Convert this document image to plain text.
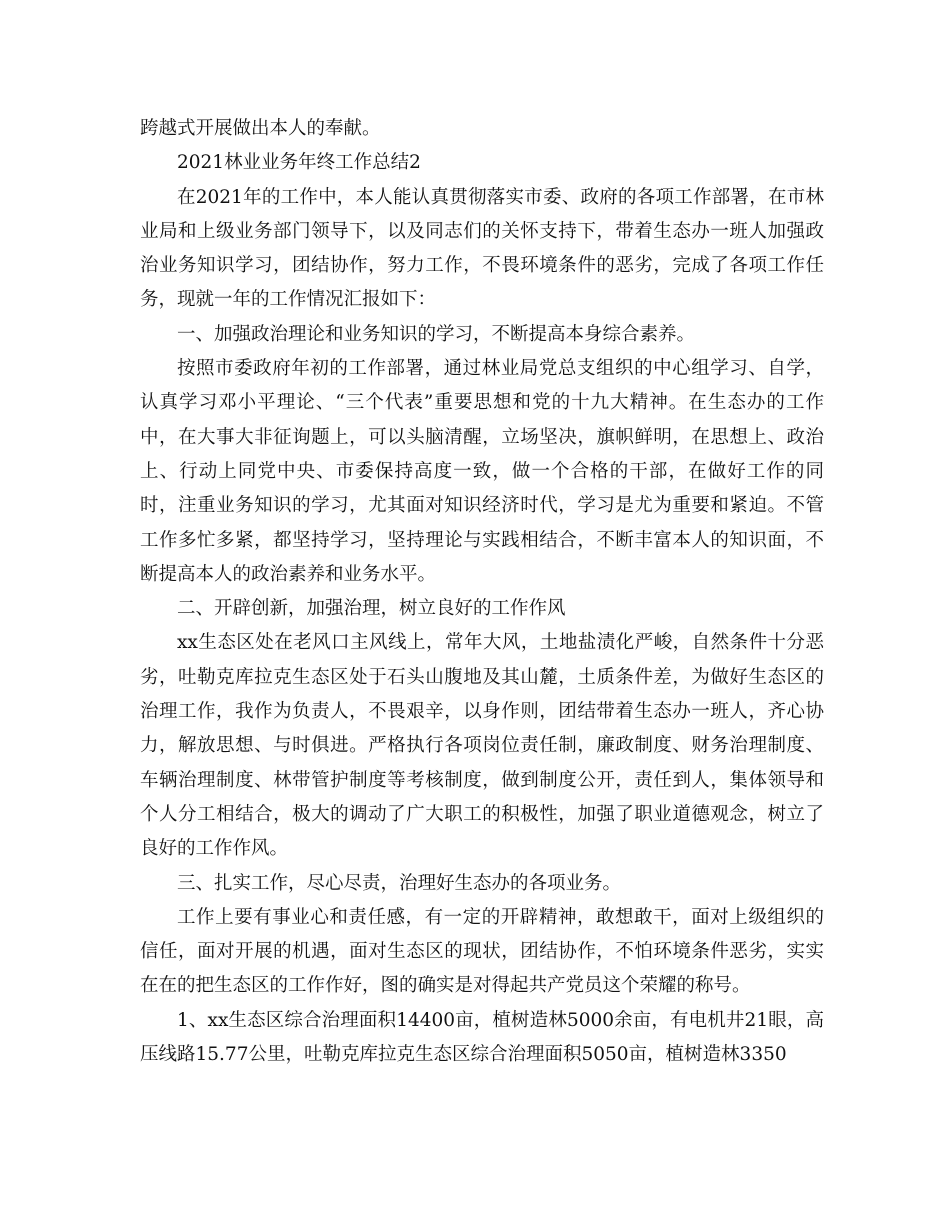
跨越式开展做出本人的奉献。

2021林业业务年终工作总结2

在2021年的工作中，本人能认真贯彻落实市委、政府的各项工作部署，在市林业局和上级业务部门领导下，以及同志们的关怀支持下，带着生态办一班人加强政治业务知识学习，团结协作，努力工作，不畏环境条件的恶劣，完成了各项工作任务，现就一年的工作情况汇报如下：

一、加强政治理论和业务知识的学习，不断提高本身综合素养。

按照市委政府年初的工作部署，通过林业局党总支组织的中心组学习、自学，认真学习邓小平理论、“三个代表”重要思想和党的十九大精神。在生态办的工作中，在大事大非征询题上，可以头脑清醒，立场坚决，旗帜鲜明，在思想上、政治上、行动上同党中央、市委保持高度一致，做一个合格的干部，在做好工作的同时，注重业务知识的学习，尤其面对知识经济时代，学习是尤为重要和紧迫。不管工作多忙多紧，都坚持学习，坚持理论与实践相结合，不断丰富本人的知识面，不断提高本人的政治素养和业务水平。

二、开辟创新，加强治理，树立良好的工作作风

xx生态区处在老风口主风线上，常年大风，土地盐渍化严峻，自然条件十分恶劣，吐勒克库拉克生态区处于石头山腹地及其山麓，土质条件差，为做好生态区的治理工作，我作为负责人，不畏艰辛，以身作则，团结带着生态办一班人，齐心协力，解放思想、与时俱进。严格执行各项岗位责任制，廉政制度、财务治理制度、车辆治理制度、林带管护制度等考核制度，做到制度公开，责任到人，集体领导和个人分工相结合，极大的调动了广大职工的积极性，加强了职业道德观念，树立了良好的工作作风。

三、扎实工作，尽心尽责，治理好生态办的各项业务。

工作上要有事业心和责任感，有一定的开辟精神，敢想敢干，面对上级组织的信任，面对开展的机遇，面对生态区的现状，团结协作，不怕环境条件恶劣，实实在在的把生态区的工作作好，图的确实是对得起共产党员这个荣耀的称号。

1、xx生态区综合治理面积14400亩，植树造林5000余亩，有电机井21眼，高压线路15.77公里，吐勒克库拉克生态区综合治理面积5050亩，植树造林3350
